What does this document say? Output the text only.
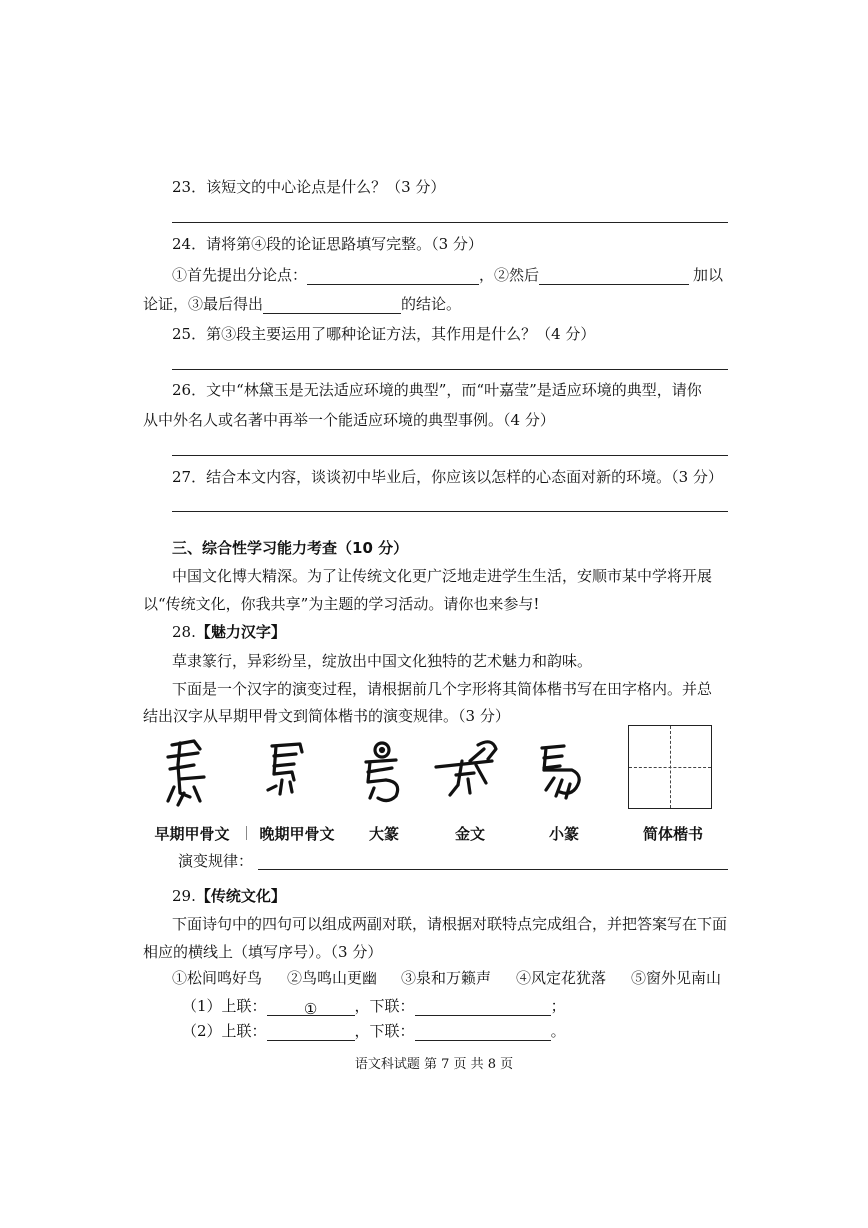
23．该短文的中心论点是什么？（3 分）
24．请将第④段的论证思路填写完整。（3 分）
①首先提出分论点：	，②然后	加以
论证，③最后得出	的结论。
25．第③段主要运用了哪种论证方法，其作用是什么？（4 分）
26．文中“林黛玉是无法适应环境的典型”，而“叶嘉莹”是适应环境的典型，请你
从中外名人或名著中再举一个能适应环境的典型事例。（4 分）
27．结合本文内容，谈谈初中毕业后，你应该以怎样的心态面对新的环境。（3 分）
三、综合性学习能力考查（10 分）
中国文化博大精深。为了让传统文化更广泛地走进学生生活，安顺市某中学将开展
以“传统文化，你我共享”为主题的学习活动。请你也来参与!
28.【魅力汉字】
草隶篆行，异彩纷呈，绽放出中国文化独特的艺术魅力和韵味。
下面是一个汉字的演变过程，请根据前几个字形将其简体楷书写在田字格内。并总
结出汉字从早期甲骨文到简体楷书的演变规律。（3 分）
早期甲骨文	晚期甲骨文	大篆	金文	小篆	简体楷书
演变规律：
29.【传统文化】
下面诗句中的四句可以组成两副对联，请根据对联特点完成组合，并把答案写在下面
相应的横线上（填写序号）。（3 分）
①松间鸣好鸟 ②鸟鸣山更幽 ③泉和万籁声 ④风定花犹落 ⑤窗外见南山
（1）上联： ① ，下联：	；
（2）上联：	，下联：	。
语文科试题 第 7 页 共 8 页
